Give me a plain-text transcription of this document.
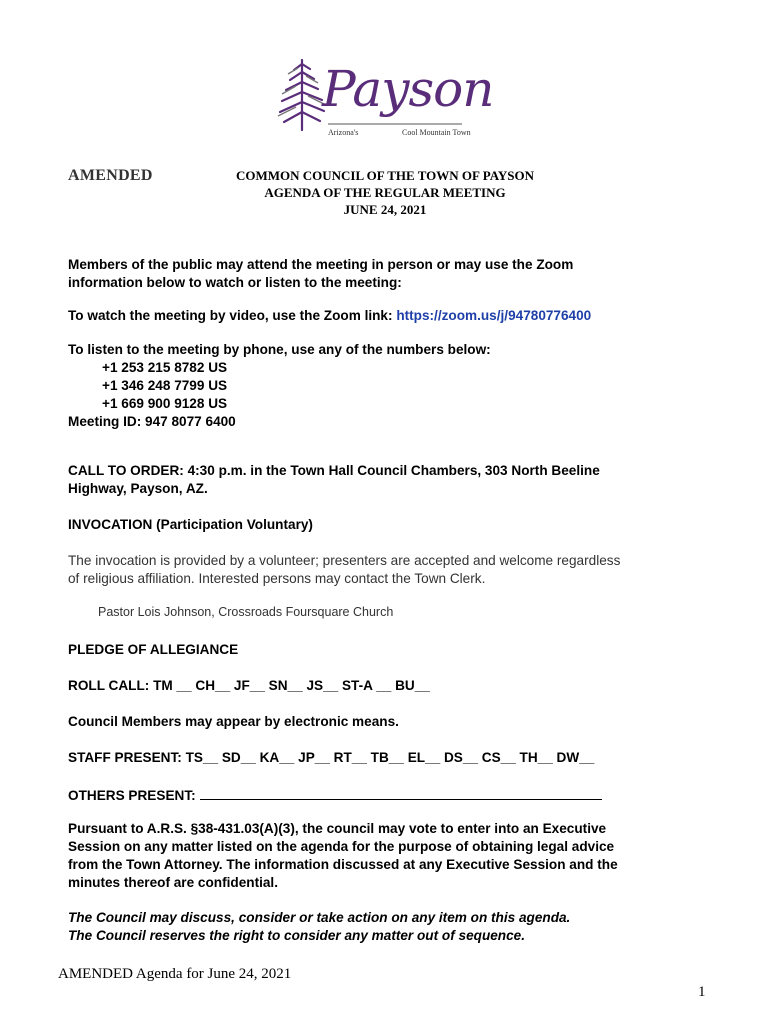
Payson
Arizona's	Cool Mountain Town
AMENDED	COMMON COUNCIL OF THE TOWN OF PAYSON
AGENDA OF THE REGULAR MEETING
JUNE 24, 2021
Members of the public may attend the meeting in person or may use the Zoom
information below to watch or listen to the meeting:
To watch the meeting by video, use the Zoom link: https://zoom.us/j/94780776400
To listen to the meeting by phone, use any of the numbers below:
+1 253 215 8782 US
+1 346 248 7799 US
+1 669 900 9128 US
Meeting ID: 947 8077 6400
CALL TO ORDER: 4:30 p.m. in the Town Hall Council Chambers, 303 North Beeline
Highway, Payson, AZ.
INVOCATION (Participation Voluntary)
The invocation is provided by a volunteer; presenters are accepted and welcome regardless
of religious affiliation. Interested persons may contact the Town Clerk.
Pastor Lois Johnson, Crossroads Foursquare Church
PLEDGE OF ALLEGIANCE
ROLL CALL: TM __ CH__ JF__ SN__ JS__ ST-A __ BU__
Council Members may appear by electronic means.
STAFF PRESENT: TS__ SD__ KA__ JP__ RT__ TB__ EL__ DS__ CS__ TH__ DW__
OTHERS PRESENT:
Pursuant to A.R.S. §38-431.03(A)(3), the council may vote to enter into an Executive
Session on any matter listed on the agenda for the purpose of obtaining legal advice
from the Town Attorney. The information discussed at any Executive Session and the
minutes thereof are confidential.
The Council may discuss, consider or take action on any item on this agenda.
The Council reserves the right to consider any matter out of sequence.
AMENDED Agenda for June 24, 2021
1
